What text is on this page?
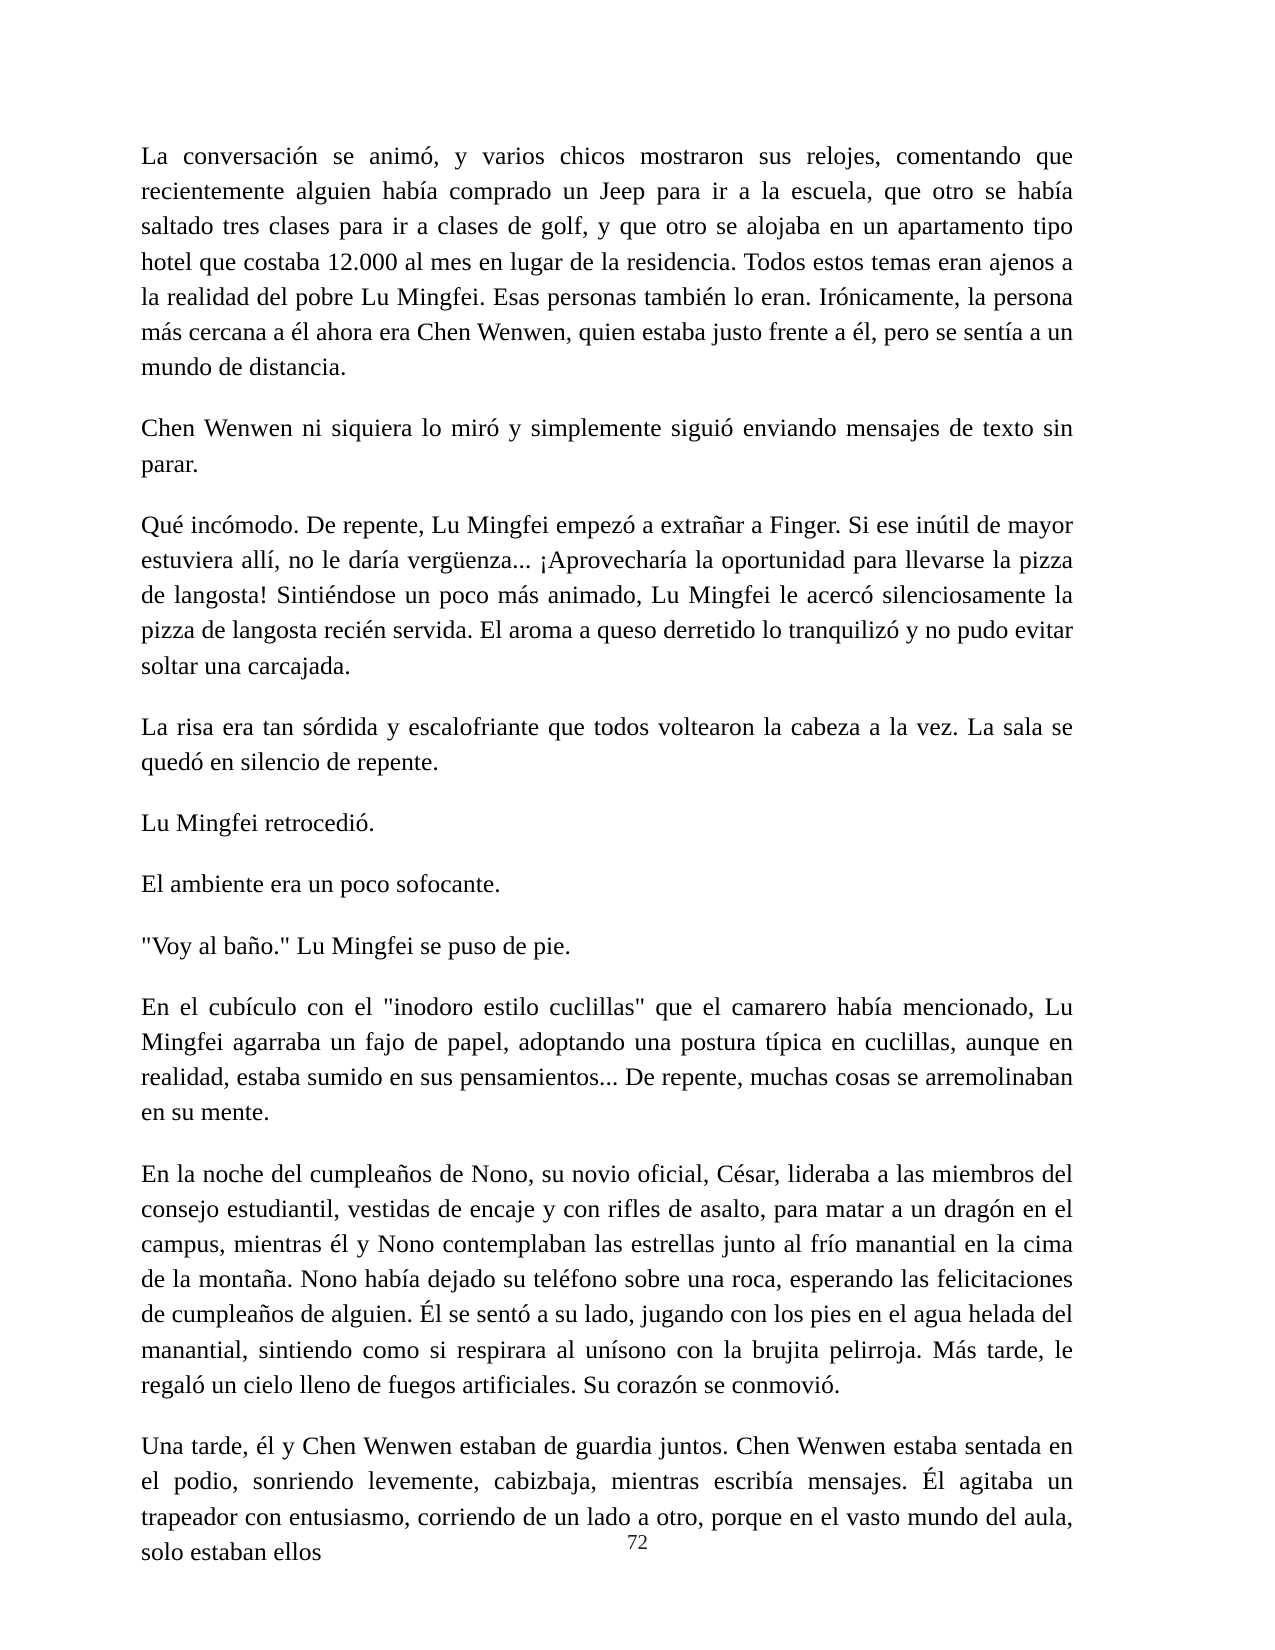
La conversación se animó, y varios chicos mostraron sus relojes, comentando que recientemente alguien había comprado un Jeep para ir a la escuela, que otro se había saltado tres clases para ir a clases de golf, y que otro se alojaba en un apartamento tipo hotel que costaba 12.000 al mes en lugar de la residencia. Todos estos temas eran ajenos a la realidad del pobre Lu Mingfei. Esas personas también lo eran. Irónicamente, la persona más cercana a él ahora era Chen Wenwen, quien estaba justo frente a él, pero se sentía a un mundo de distancia.

Chen Wenwen ni siquiera lo miró y simplemente siguió enviando mensajes de texto sin parar.

Qué incómodo. De repente, Lu Mingfei empezó a extrañar a Finger. Si ese inútil de mayor estuviera allí, no le daría vergüenza... ¡Aprovecharía la oportunidad para llevarse la pizza de langosta! Sintiéndose un poco más animado, Lu Mingfei le acercó silenciosamente la pizza de langosta recién servida. El aroma a queso derretido lo tranquilizó y no pudo evitar soltar una carcajada.

La risa era tan sórdida y escalofriante que todos voltearon la cabeza a la vez. La sala se quedó en silencio de repente.

Lu Mingfei retrocedió.

El ambiente era un poco sofocante.

"Voy al baño." Lu Mingfei se puso de pie.

En el cubículo con el "inodoro estilo cuclillas" que el camarero había mencionado, Lu Mingfei agarraba un fajo de papel, adoptando una postura típica en cuclillas, aunque en realidad, estaba sumido en sus pensamientos... De repente, muchas cosas se arremolinaban en su mente.

En la noche del cumpleaños de Nono, su novio oficial, César, lideraba a las miembros del consejo estudiantil, vestidas de encaje y con rifles de asalto, para matar a un dragón en el campus, mientras él y Nono contemplaban las estrellas junto al frío manantial en la cima de la montaña. Nono había dejado su teléfono sobre una roca, esperando las felicitaciones de cumpleaños de alguien. Él se sentó a su lado, jugando con los pies en el agua helada del manantial, sintiendo como si respirara al unísono con la brujita pelirroja. Más tarde, le regaló un cielo lleno de fuegos artificiales. Su corazón se conmovió.

Una tarde, él y Chen Wenwen estaban de guardia juntos. Chen Wenwen estaba sentada en el podio, sonriendo levemente, cabizbaja, mientras escribía mensajes. Él agitaba un trapeador con entusiasmo, corriendo de un lado a otro, porque en el vasto mundo del aula, solo estaban ellos	72
